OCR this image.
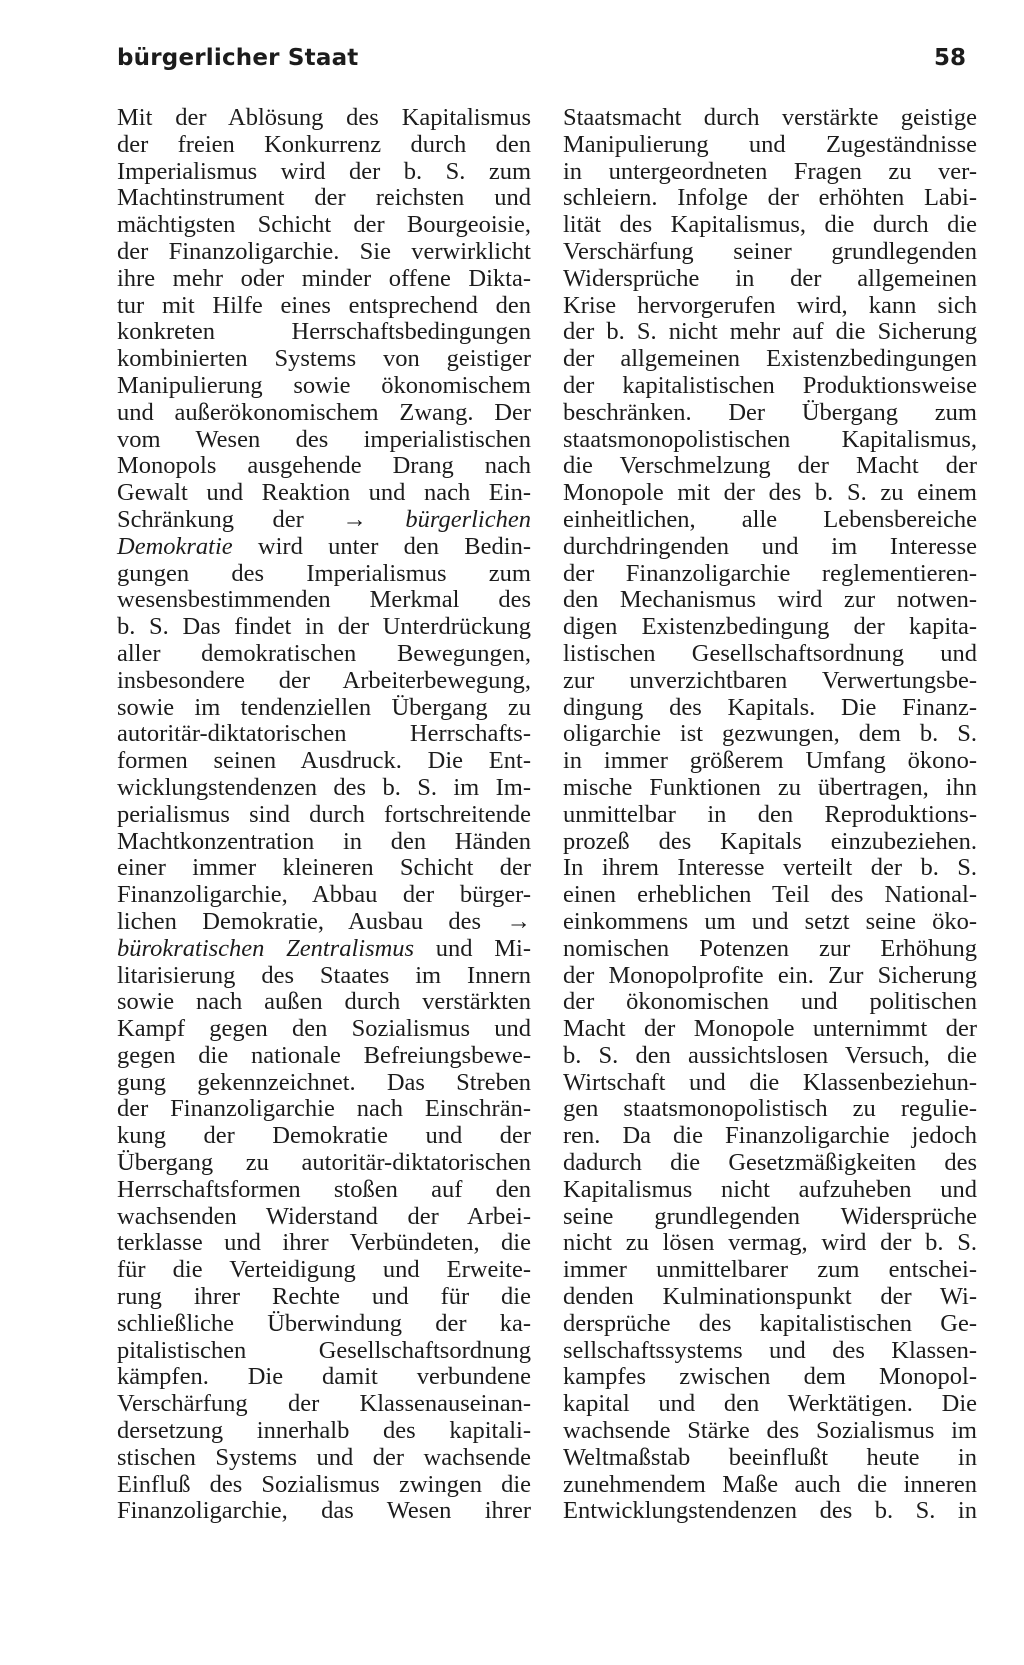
bürgerlicher Staat	58
Mit der Ablösung des Kapitalismus
der freien Konkurrenz durch den
Imperialismus wird der b. S. zum
Machtinstrument der reichsten und
mächtigsten Schicht der Bourgeoisie,
der Finanzoligarchie. Sie verwirklicht
ihre mehr oder minder offene Dikta-
tur mit Hilfe eines entsprechend den
konkreten Herrschaftsbedingungen
kombinierten Systems von geistiger
Manipulierung sowie ökonomischem
und außerökonomischem Zwang. Der
vom Wesen des imperialistischen
Monopols ausgehende Drang nach
Gewalt und Reaktion und nach Ein-
Schränkung der → bürgerlichen
Demokratie wird unter den Bedin-
gungen des Imperialismus zum
wesensbestimmenden Merkmal des
b. S. Das findet in der Unterdrückung
aller demokratischen Bewegungen,
insbesondere der Arbeiterbewegung,
sowie im tendenziellen Übergang zu
autoritär-diktatorischen Herrschafts-
formen seinen Ausdruck. Die Ent-
wicklungstendenzen des b. S. im Im-
perialismus sind durch fortschreitende
Machtkonzentration in den Händen
einer immer kleineren Schicht der
Finanzoligarchie, Abbau der bürger-
lichen Demokratie, Ausbau des →
bürokratischen Zentralismus und Mi-
litarisierung des Staates im Innern
sowie nach außen durch verstärkten
Kampf gegen den Sozialismus und
gegen die nationale Befreiungsbewe-
gung gekennzeichnet. Das Streben
der Finanzoligarchie nach Einschrän-
kung der Demokratie und der
Übergang zu autoritär-diktatorischen
Herrschaftsformen stoßen auf den
wachsenden Widerstand der Arbei-
terklasse und ihrer Verbündeten, die
für die Verteidigung und Erweite-
rung ihrer Rechte und für die
schließliche Überwindung der ka-
pitalistischen Gesellschaftsordnung
kämpfen. Die damit verbundene
Verschärfung der Klassenauseinan-
dersetzung innerhalb des kapitali-
stischen Systems und der wachsende
Einfluß des Sozialismus zwingen die
Finanzoligarchie, das Wesen ihrer
Staatsmacht durch verstärkte geistige
Manipulierung und Zugeständnisse
in untergeordneten Fragen zu ver-
schleiern. Infolge der erhöhten Labi-
lität des Kapitalismus, die durch die
Verschärfung seiner grundlegenden
Widersprüche in der allgemeinen
Krise hervorgerufen wird, kann sich
der b. S. nicht mehr auf die Sicherung
der allgemeinen Existenzbedingungen
der kapitalistischen Produktionsweise
beschränken. Der Übergang zum
staatsmonopolistischen Kapitalismus,
die Verschmelzung der Macht der
Monopole mit der des b. S. zu einem
einheitlichen, alle Lebensbereiche
durchdringenden und im Interesse
der Finanzoligarchie reglementieren-
den Mechanismus wird zur notwen-
digen Existenzbedingung der kapita-
listischen Gesellschaftsordnung und
zur unverzichtbaren Verwertungsbe-
dingung des Kapitals. Die Finanz-
oligarchie ist gezwungen, dem b. S.
in immer größerem Umfang ökono-
mische Funktionen zu übertragen, ihn
unmittelbar in den Reproduktions-
prozeß des Kapitals einzubeziehen.
In ihrem Interesse verteilt der b. S.
einen erheblichen Teil des National-
einkommens um und setzt seine öko-
nomischen Potenzen zur Erhöhung
der Monopolprofite ein. Zur Sicherung
der ökonomischen und politischen
Macht der Monopole unternimmt der
b. S. den aussichtslosen Versuch, die
Wirtschaft und die Klassenbeziehun-
gen staatsmonopolistisch zu regulie-
ren. Da die Finanzoligarchie jedoch
dadurch die Gesetzmäßigkeiten des
Kapitalismus nicht aufzuheben und
seine grundlegenden Widersprüche
nicht zu lösen vermag, wird der b. S.
immer unmittelbarer zum entschei-
denden Kulminationspunkt der Wi-
dersprüche des kapitalistischen Ge-
sellschaftssystems und des Klassen-
kampfes zwischen dem Monopol-
kapital und den Werktätigen. Die
wachsende Stärke des Sozialismus im
Weltmaßstab beeinflußt heute in
zunehmendem Maße auch die inneren
Entwicklungstendenzen des b. S. in
